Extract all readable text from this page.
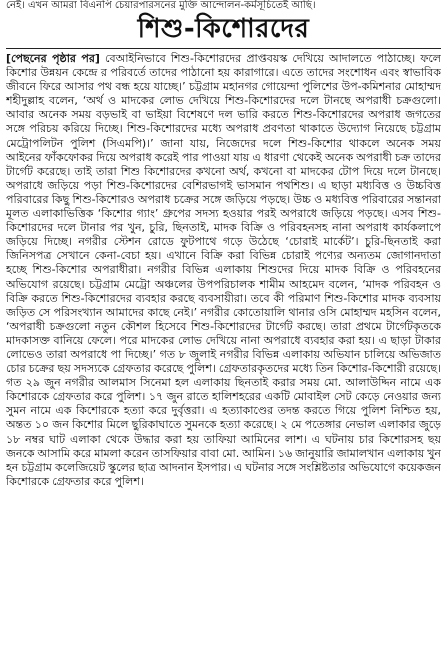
নেই। এখন আমরা বিএনপি চেয়ারপারসনের মুক্তি আন্দোলন-কর্মসূচিতেই আছি।
শিশু-কিশোরদের
[পেছনের পৃষ্ঠার পর] বেআইনিভাবে শিশু-কিশোরদের প্রাপ্তবয়স্ক দেখিয়ে আদালতে পাঠাচ্ছে। ফলে কিশোর উন্নয়ন কেন্দ্রে র পরিবর্তে তাদের পাঠানো হয় কারাগারে। এতে তাদের সংশোধন এবং স্বাভাবিক জীবনে ফিরে আসার পথ বন্ধ হয়ে যাচ্ছে।’ চট্টগ্রাম মহানগর গোয়েন্দা পুলিশের উপ-কমিশনার মোহাম্মদ শহীদুল্লাহ বলেন, ‘অর্থ ও মাদকের লোভ দেখিয়ে শিশু-কিশোরদের দলে টানছে অপরাধী চক্রগুলো। আবার অনেক সময় বড়ভাই বা ভাইয়া বিশেষণে দল ভারি করতে শিশু-কিশোরদের অপরাধ জগতের সঙ্গে পরিচয় করিয়ে দিচ্ছে। শিশু-কিশোরদের মধ্যে অপরাধ প্রবণতা থাকাতে উদ্যোগ নিয়েছে চট্টগ্রাম মেট্রোপলিটন পুলিশ (সিএমপি)।’ জানা যায়, নিজেদের দলে শিশু-কিশোর থাকলে অনেক সময় আইনের ফাঁকফোকর দিয়ে অপরাধ করেই পার পাওয়া যায় এ ধারণা থেকেই অনেক অপরাধী চক্র তাদের টার্গেট করেছে। তাই তারা শিশু কিশোরদের কখনো অর্থ, কখনো বা মাদকের টোপ দিয়ে দলে টানছে। অপরাধে জড়িয়ে পড়া শিশু-কিশোরদের বেশিরভাগই ভাসমান পথশিশু। এ ছাড়া মধ্যবিত্ত ও উচ্চবিত্ত পরিবারের কিছু শিশু-কিশোরও অপরাধ চক্রের সঙ্গে জড়িয়ে পড়ছে। উচ্চ ও মধ্যবিত্ত পরিবারের সন্তানরা মূলত এলাকাভিত্তিক ‘কিশোর গ্যাং’ গ্রুপের সদস্য হওয়ার পরই অপরাধে জড়িয়ে পড়ছে। এসব শিশু-কিশোরদের দলে টানার পর খুন, চুরি, ছিনতাই, মাদক বিক্রি ও পরিবহনসহ নানা অপরাধ কার্যকলাপে জড়িয়ে দিচ্ছে। নগরীর স্টেশন রোডে ফুটপাথে গড়ে উঠেছে ‘চোরাই মার্কেট’। চুরি-ছিনতাই করা জিনিসপত্র সেখানে কেনা-বেচা হয়। এখানে বিক্রি করা বিভিন্ন চোরাই পণ্যের অন্যতম জোগানদাতা হচ্ছে শিশু-কিশোর অপরাধীরা। নগরীর বিভিন্ন এলাকায় শিশুদের দিয়ে মাদক বিক্রি ও পরিবহনের অভিযোগ রয়েছে। চট্টগ্রাম মেট্রো অঞ্চলের উপপরিচালক শামীম আহমেদ বলেন, ‘মাদক পরিবহন ও বিক্রি করতে শিশু-কিশোরদের ব্যবহার করছে ব্যবসায়ীরা। তবে কী পরিমাণ শিশু-কিশোর মাদক ব্যবসায় জড়িত সে পরিসংখ্যান আমাদের কাছে নেই।’ নগরীর কোতোয়ালি থানার ওসি মোহাম্মদ মহসিন বলেন, ‘অপরাধী চক্রগুলো নতুন কৌশল হিসেবে শিশু-কিশোরদের টার্গেট করছে। তারা প্রথমে টার্গেটকৃতকে মাদকাসক্ত বানিয়ে ফেলে। পরে মাদকের লোভ দেখিয়ে নানা অপরাধে ব্যবহার করা হয়। এ ছাড়া টাকার লোভেও তারা অপরাধে পা দিচ্ছে।’ গত ৮ জুলাই নগরীর বিভিন্ন এলাকায় অভিযান চালিয়ে অভিজাত চোর চক্রের ছয় সদস্যকে গ্রেফতার করেছে পুলিশ। গ্রেফতারকৃতদের মধ্যে তিন কিশোর-কিশোরী রয়েছে। গত ২৯ জুন নগরীর আলমাস সিনেমা হল এলাকায় ছিনতাই করার সময় মো. আলাউদ্দিন নামে এক কিশোরকে গ্রেফতার করে পুলিশ। ১৭ জুন রাতে হালিশহরের একটি মোবাইল সেট কেড়ে নেওয়ার জন্য সুমন নামে এক কিশোরকে হত্যা করে দুর্বৃত্তরা। এ হত্যাকাণ্ডের তদন্ত করতে গিয়ে পুলিশ নিশ্চিত হয়, অন্তত ১০ জন কিশোর মিলে ছুরিকাঘাতে সুমনকে হত্যা করেছে। ২ মে পতেঙ্গার নেভাল এলাকার জুড়ে ১৮ নম্বর ঘাট এলাকা থেকে উদ্ধার করা হয় তাফিয়া আমিনের লাশ। এ ঘটনায় চার কিশোরসহ ছয় জনকে আসামি করে মামলা করেন তাসফিয়ার বাবা মো. আমিন। ১৬ জানুয়ারি জামালখান এলাকায় খুন হন চট্টগ্রাম কলেজিয়েট স্কুলের ছাত্র আদনান ইসপার। এ ঘটনার সঙ্গে সংশ্লিষ্টতার অভিযোগে কয়েকজন কিশোরকে গ্রেফতার করে পুলিশ।
